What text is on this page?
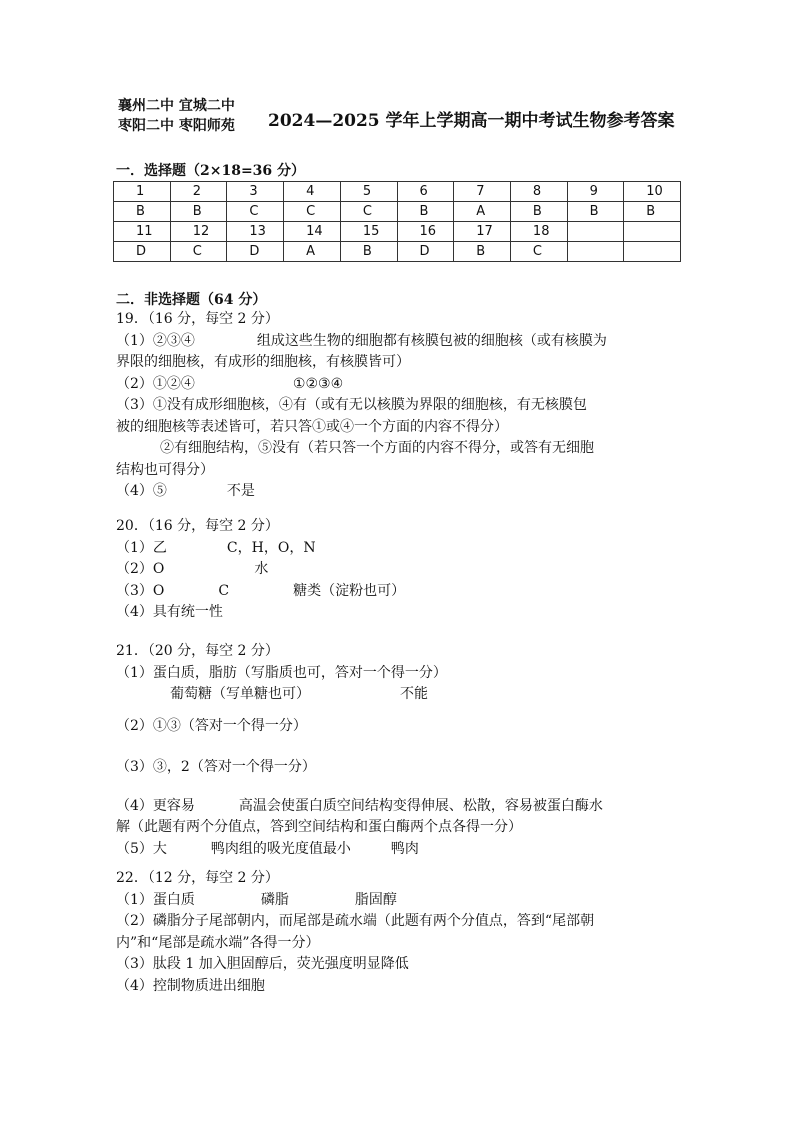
襄州二中 宜城二中
枣阳二中 枣阳师苑 2024—2025 学年上学期高一期中考试生物参考答案
一．选择题（2×18=36 分）
1	2	3	4	5	6	7	8	9	10
B	B	C	C	C	B	A	B	B	B
11	12	13	14	15	16	17	18		
D	C	D	A	B	D	B	C		
二．非选择题（64 分）
19．（16 分，每空 2 分）
（1）②③④	组成这些生物的细胞都有核膜包被的细胞核（或有核膜为
界限的细胞核，有成形的细胞核，有核膜皆可）
（2）①②④	①②③④
（3）①没有成形细胞核，④有（或有无以核膜为界限的细胞核，有无核膜包
被的细胞核等表述皆可，若只答①或④一个方面的内容不得分）
②有细胞结构，⑤没有（若只答一个方面的内容不得分，或答有无细胞
结构也可得分）
（4）⑤	不是
20．（16 分，每空 2 分）
（1）乙	C，H，O，N
（2）O	水
（3）O	C	糖类（淀粉也可）
（4）具有统一性
21．（20 分，每空 2 分）
（1）蛋白质，脂肪（写脂质也可，答对一个得一分）
葡萄糖（写单糖也可）	不能
（2）①③（答对一个得一分）
（3）③，2（答对一个得一分）
（4）更容易	高温会使蛋白质空间结构变得伸展、松散，容易被蛋白酶水
解（此题有两个分值点，答到空间结构和蛋白酶两个点各得一分）
（5）大	鸭肉组的吸光度值最小	鸭肉
22．（12 分，每空 2 分）
（1）蛋白质	磷脂	脂固醇
（2）磷脂分子尾部朝内，而尾部是疏水端（此题有两个分值点，答到“尾部朝
内”和“尾部是疏水端”各得一分）
（3）肽段 1 加入胆固醇后，荧光强度明显降低
（4）控制物质进出细胞
